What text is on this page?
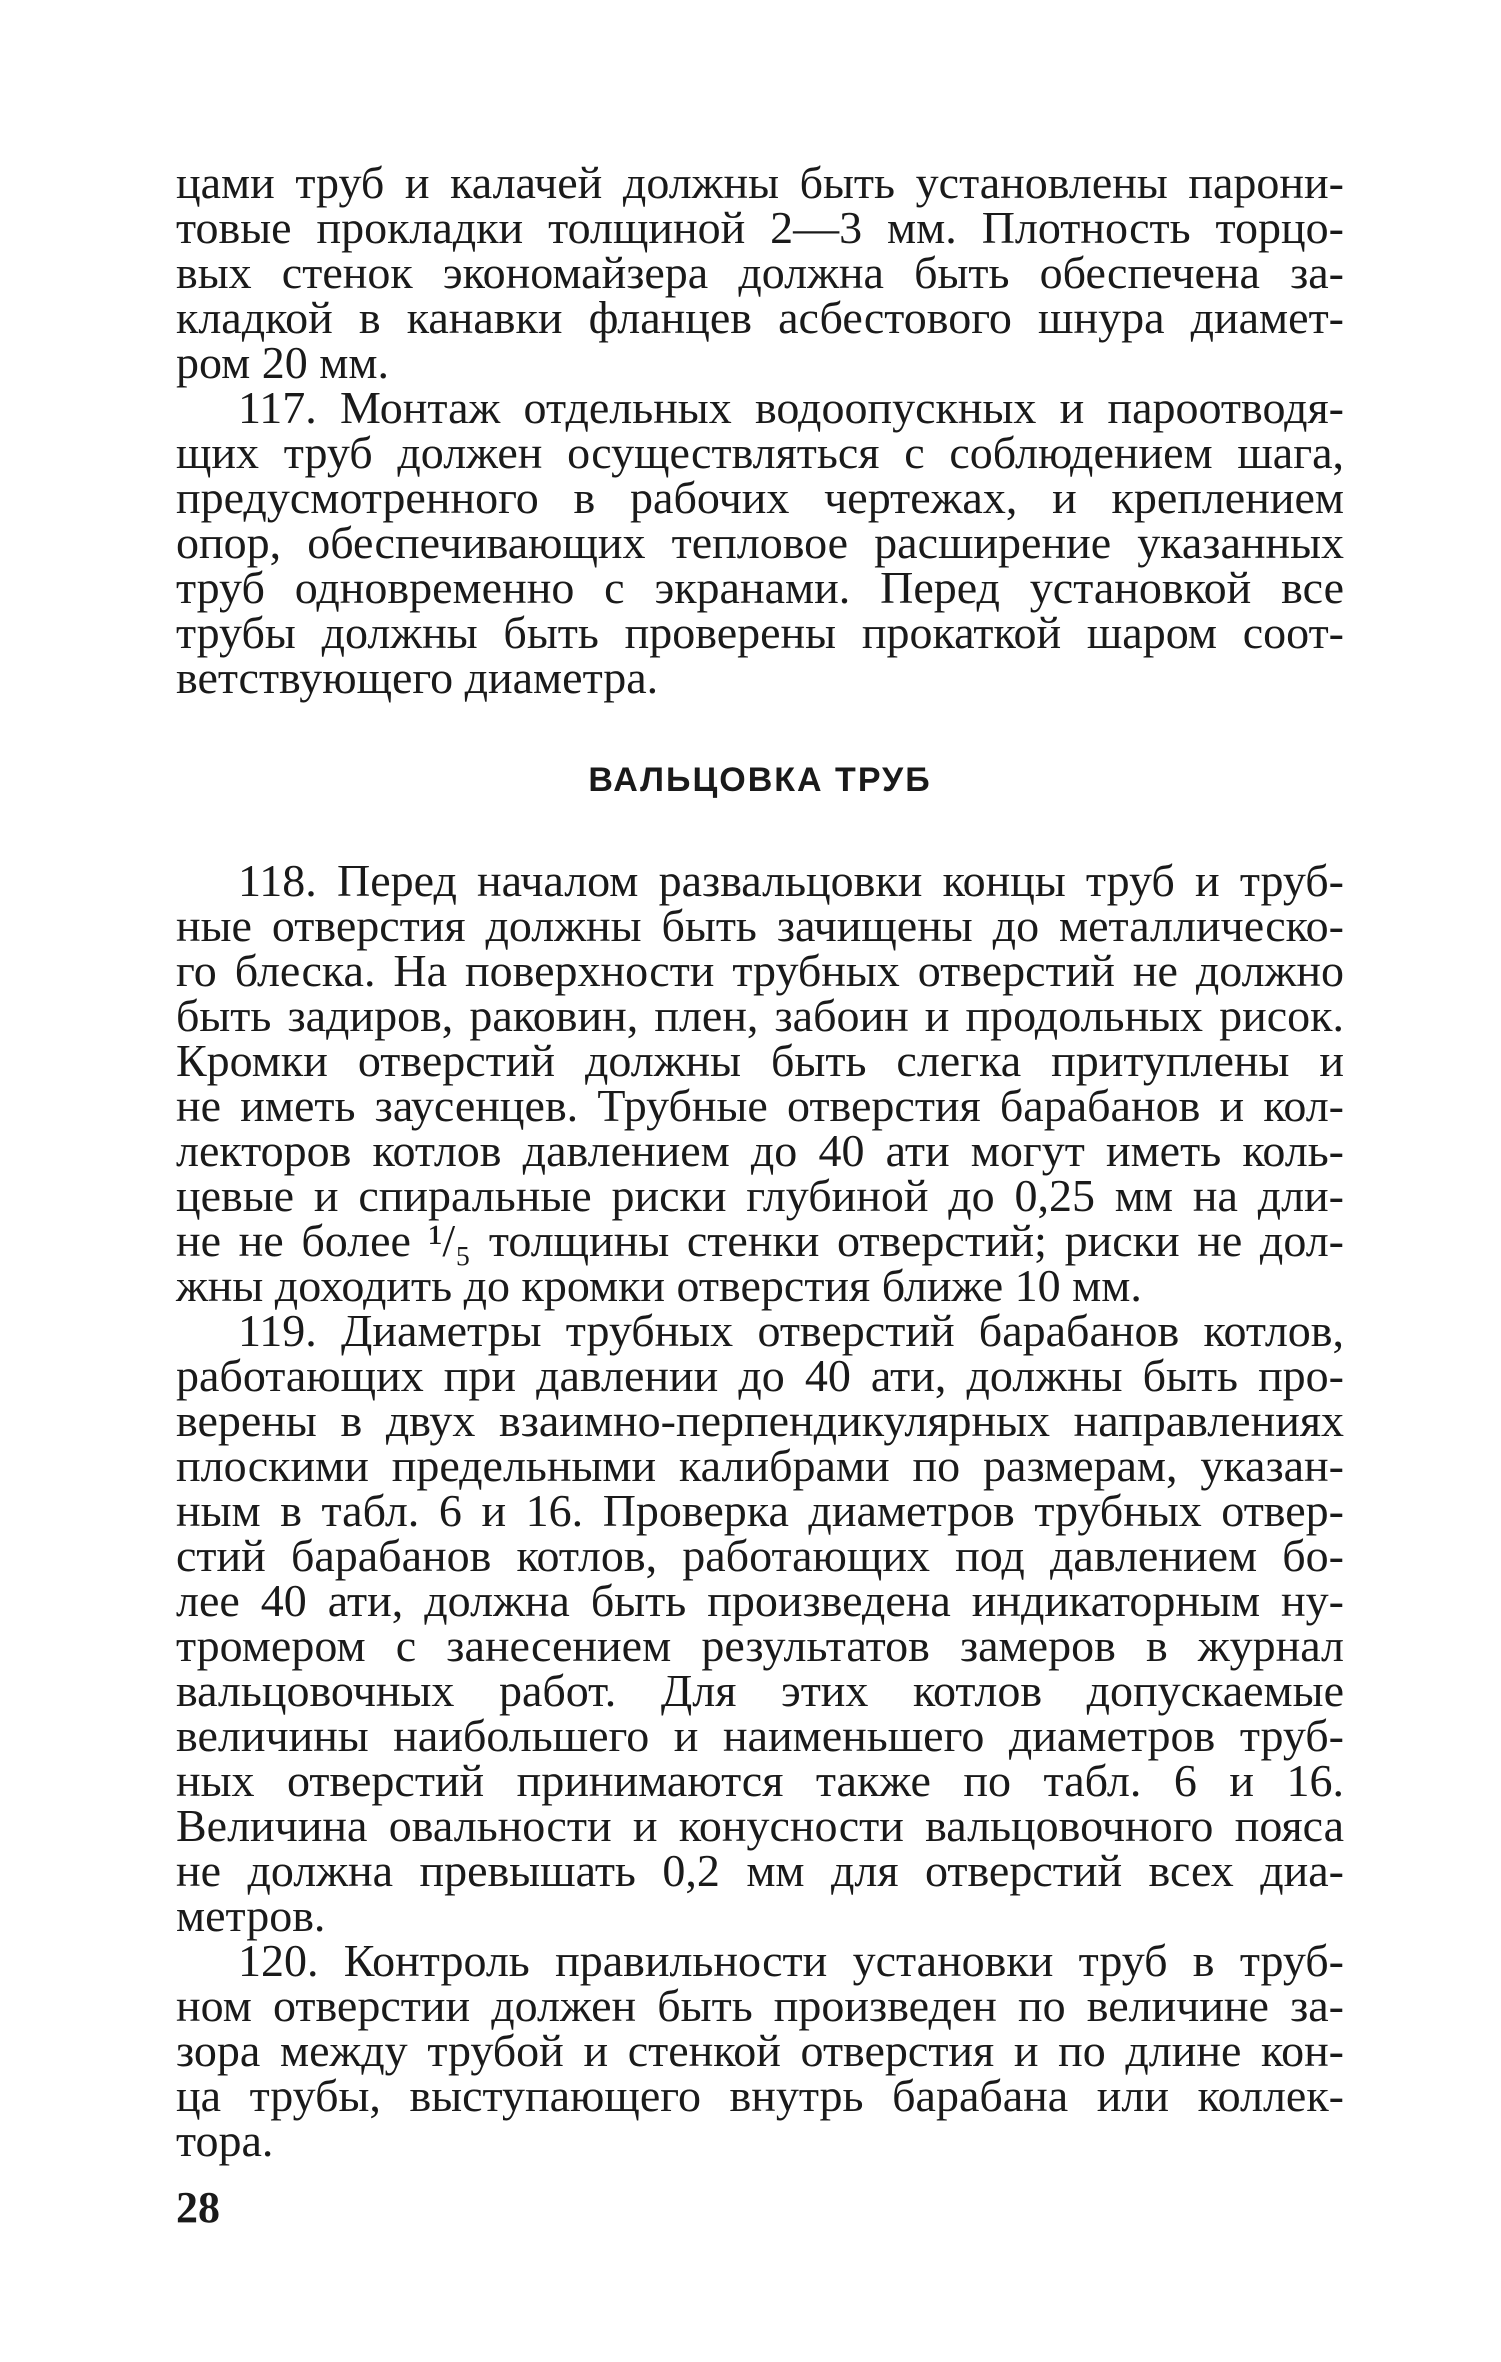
цами труб и калачей должны быть установлены парони-
товые прокладки толщиной 2—3 мм. Плотность торцо-
вых стенок экономайзера должна быть обеспечена за-
кладкой в канавки фланцев асбестового шнура диамет-
ром 20 мм.
117. Монтаж отдельных водоопускных и пароотводя-
щих труб должен осуществляться с соблюдением шага,
предусмотренного в рабочих чертежах, и креплением
опор, обеспечивающих тепловое расширение указанных
труб одновременно с экранами. Перед установкой все
трубы должны быть проверены прокаткой шаром соот-
ветствующего диаметра.
ВАЛЬЦОВКА ТРУБ
118. Перед началом развальцовки концы труб и труб-
ные отверстия должны быть зачищены до металлическо-
го блеска. На поверхности трубных отверстий не должно
быть задиров, раковин, плен, забоин и продольных рисок.
Кромки отверстий должны быть слегка притуплены и
не иметь заусенцев. Трубные отверстия барабанов и кол-
лекторов котлов давлением до 40 ати могут иметь коль-
цевые и спиральные риски глубиной до 0,25 мм на дли-
не не более ¹/₅ толщины стенки отверстий; риски не дол-
жны доходить до кромки отверстия ближе 10 мм.
119. Диаметры трубных отверстий барабанов котлов,
работающих при давлении до 40 ати, должны быть про-
верены в двух взаимно-перпендикулярных направлениях
плоскими предельными калибрами по размерам, указан-
ным в табл. 6 и 16. Проверка диаметров трубных отвер-
стий барабанов котлов, работающих под давлением бо-
лее 40 ати, должна быть произведена индикаторным ну-
тромером с занесением результатов замеров в журнал
вальцовочных работ. Для этих котлов допускаемые
величины наибольшего и наименьшего диаметров труб-
ных отверстий принимаются также по табл. 6 и 16.
Величина овальности и конусности вальцовочного пояса
не должна превышать 0,2 мм для отверстий всех диа-
метров.
120. Контроль правильности установки труб в труб-
ном отверстии должен быть произведен по величине за-
зора между трубой и стенкой отверстия и по длине кон-
ца трубы, выступающего внутрь барабана или коллек-
тора.
28
